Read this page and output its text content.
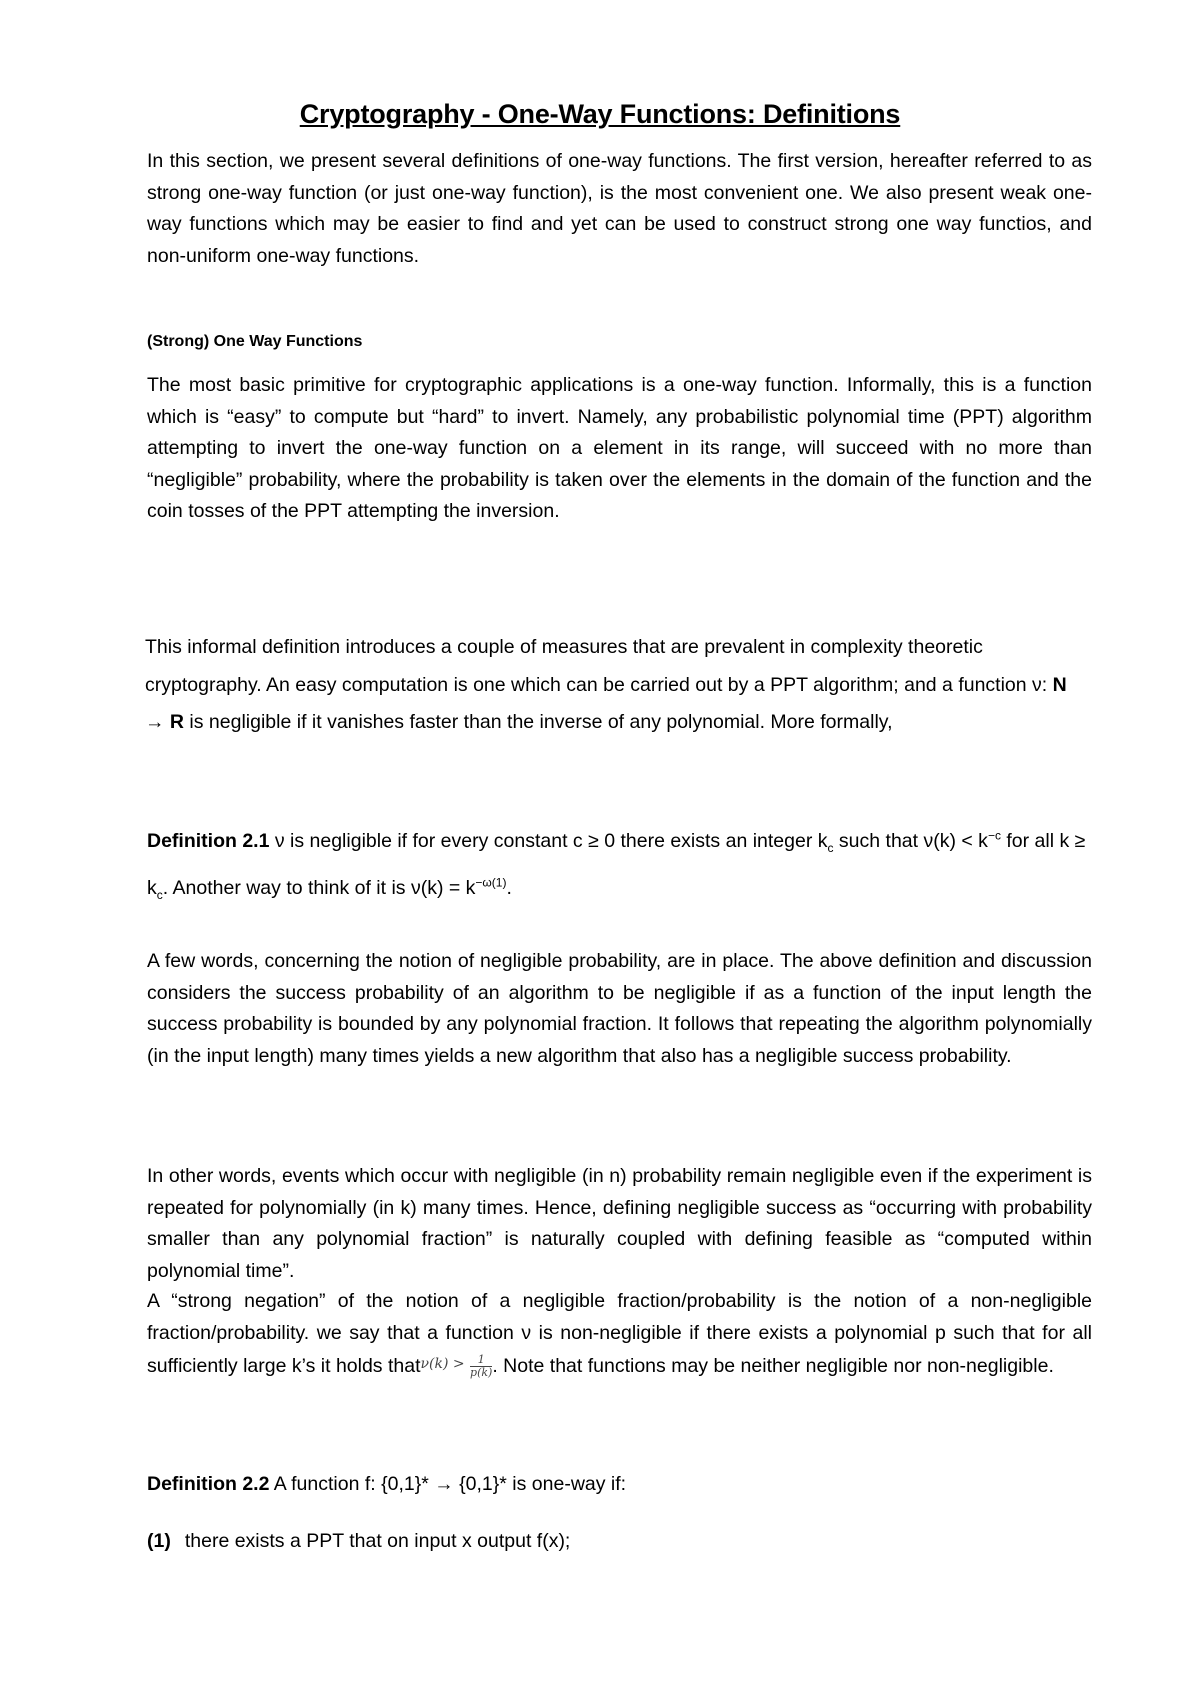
Cryptography - One-Way Functions: Definitions

In this section, we present several definitions of one-way functions. The first version, hereafter referred to as strong one-way function (or just one-way function), is the most convenient one. We also present weak one-way functions which may be easier to find and yet can be used to construct strong one way functios, and non-uniform one-way functions.

(Strong) One Way Functions

The most basic primitive for cryptographic applications is a one-way function. Informally, this is a function which is “easy” to compute but “hard” to invert. Namely, any probabilistic polynomial time (PPT) algorithm attempting to invert the one-way function on a element in its range, will succeed with no more than “negligible” probability, where the probability is taken over the elements in the domain of the function and the coin tosses of the PPT attempting the inversion.

This informal definition introduces a couple of measures that are prevalent in complexity theoretic cryptography. An easy computation is one which can be carried out by a PPT algorithm; and a function ν: N → R is negligible if it vanishes faster than the inverse of any polynomial. More formally,

Definition 2.1 ν is negligible if for every constant c ≥ 0 there exists an integer $k_c$ such that $\nu(k) < k^{-c}$ for all $k \ge k_c$. Another way to think of it is $\nu(k) = k^{-\omega(1)}$.

A few words, concerning the notion of negligible probability, are in place. The above definition and discussion considers the success probability of an algorithm to be negligible if as a function of the input length the success probability is bounded by any polynomial fraction. It follows that repeating the algorithm polynomially (in the input length) many times yields a new algorithm that also has a negligible success probability.

In other words, events which occur with negligible (in n) probability remain negligible even if the experiment is repeated for polynomially (in k) many times. Hence, defining negligible success as “occurring with probability smaller than any polynomial fraction” is naturally coupled with defining feasible as “computed within polynomial time”.

A “strong negation” of the notion of a negligible fraction/probability is the notion of a non-negligible fraction/probability. we say that a function ν is non-negligible if there exists a polynomial p such that for all sufficiently large k’s it holds that$^{\nu(k) >}$ $\frac{1}{p(k)}$ . Note that functions may be neither negligible nor non-negligible.

Definition 2.2 A function f: {0,1}* → {0,1}* is one-way if:

(1) there exists a PPT that on input x output f(x);
